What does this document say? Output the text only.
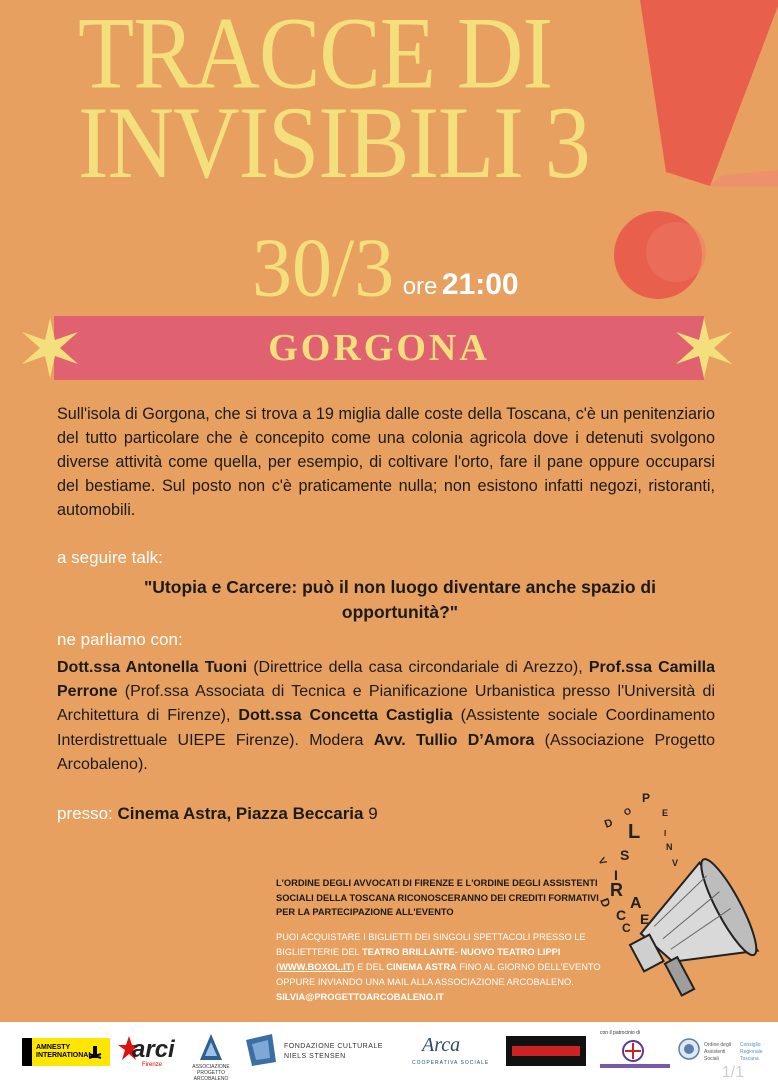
TRACCE DI
INVISIBILI 3
30/3 ore 21:00
GORGONA
Sull'isola di Gorgona, che si trova a 19 miglia dalle coste della Toscana, c'è un penitenziario del tutto particolare che è concepito come una colonia agricola dove i detenuti svolgono diverse attività come quella, per esempio, di coltivare l'orto, fare il pane oppure occuparsi del bestiame. Sul posto non c'è praticamente nulla; non esistono infatti negozi, ristoranti, automobili.
a seguire talk:
"Utopia e Carcere: può il non luogo diventare anche spazio di
opportunità?"
ne parliamo con:
Dott.ssa Antonella Tuoni (Direttrice della casa circondariale di Arezzo), Prof.ssa Camilla Perrone (Prof.ssa Associata di Tecnica e Pianificazione Urbanistica presso l'Università di Architettura di Firenze), Dott.ssa Concetta Castiglia (Assistente sociale Coordinamento Interdistrettuale UIEPE Firenze). Modera Avv. Tullio D’Amora (Associazione Progetto Arcobaleno).
presso: Cinema Astra, Piazza Beccaria 9
L'ORDINE DEGLI AVVOCATI DI FIRENZE E L'ORDINE DEGLI ASSISTENTI SOCIALI DELLA TOSCANA RICONOSCERANNO DEI CREDITI FORMATIVI PER LA PARTECIPAZIONE ALL'EVENTO
PUOI ACQUISTARE I BIGLIETTI DEI SINGOLI SPETTACOLI PRESSO LE BIGLIETTERIE DEL TEATRO BRILLANTE- NUOVO TEATRO LIPPI (WWW.BOXOL.IT) E DEL CINEMA ASTRA FINO AL GIORNO DELL'EVENTO OPPURE INVIANDO UNA MAIL ALLA ASSOCIAZIONE ARCOBALENO. SILVIA@PROGETTOARCOBALENO.IT
P
O
D
E
I
N
V
L
S
I
V
R
D A
C
C
E
AMNESTY
INTERNATIONAL arci
Firenze	ASSOCIAZIONE PROGETTO ARCOBALENO
FONDAZIONE CULTURALE
NIELS STENSEN
Arca
COOPERATIVA SOCIALE
con il patrocinio di
Ordine degli
Assistenti
Sociali
Consiglio
Regionale
Toscana
1/1
